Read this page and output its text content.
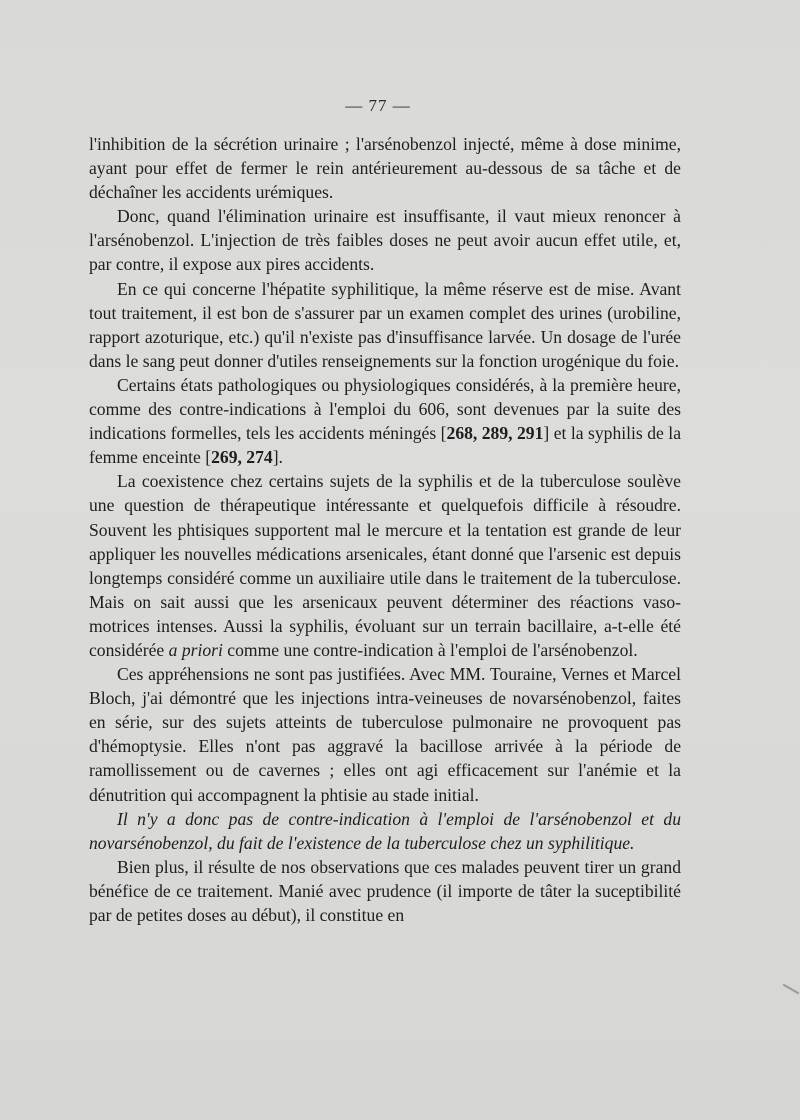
— 77 —

l'inhibition de la sécrétion urinaire ; l'arsénobenzol injecté, même à dose minime, ayant pour effet de fermer le rein antérieurement au-dessous de sa tâche et de déchaîner les accidents urémiques.

Donc, quand l'élimination urinaire est insuffisante, il vaut mieux renoncer à l'arsénobenzol. L'injection de très faibles doses ne peut avoir aucun effet utile, et, par contre, il expose aux pires accidents.

En ce qui concerne l'hépatite syphilitique, la même réserve est de mise. Avant tout traitement, il est bon de s'assurer par un examen complet des urines (urobiline, rapport azoturique, etc.) qu'il n'existe pas d'insuffisance larvée. Un dosage de l'urée dans le sang peut donner d'utiles renseignements sur la fonction urogénique du foie.

Certains états pathologiques ou physiologiques considérés, à la première heure, comme des contre-indications à l'emploi du 606, sont devenues par la suite des indications formelles, tels les accidents méningés [268, 289, 291] et la syphilis de la femme enceinte [269, 274].

La coexistence chez certains sujets de la syphilis et de la tuberculose soulève une question de thérapeutique intéressante et quelquefois difficile à résoudre. Souvent les phtisiques supportent mal le mercure et la tentation est grande de leur appliquer les nouvelles médications arsenicales, étant donné que l'arsenic est depuis longtemps considéré comme un auxiliaire utile dans le traitement de la tuberculose. Mais on sait aussi que les arsenicaux peuvent déterminer des réactions vaso-motrices intenses. Aussi la syphilis, évoluant sur un terrain bacillaire, a-t-elle été considérée a priori comme une contre-indication à l'emploi de l'arsénobenzol.

Ces appréhensions ne sont pas justifiées. Avec MM. Touraine, Vernes et Marcel Bloch, j'ai démontré que les injections intra-veineuses de novarsénobenzol, faites en série, sur des sujets atteints de tuberculose pulmonaire ne provoquent pas d'hémoptysie. Elles n'ont pas aggravé la bacillose arrivée à la période de ramollissement ou de cavernes ; elles ont agi efficacement sur l'anémie et la dénutrition qui accompagnent la phtisie au stade initial.

Il n'y a donc pas de contre-indication à l'emploi de l'arsénobenzol et du novarsénobenzol, du fait de l'existence de la tuberculose chez un syphilitique.

Bien plus, il résulte de nos observations que ces malades peuvent tirer un grand bénéfice de ce traitement. Manié avec prudence (il importe de tâter la suceptibilité par de petites doses au début), il constitue en
